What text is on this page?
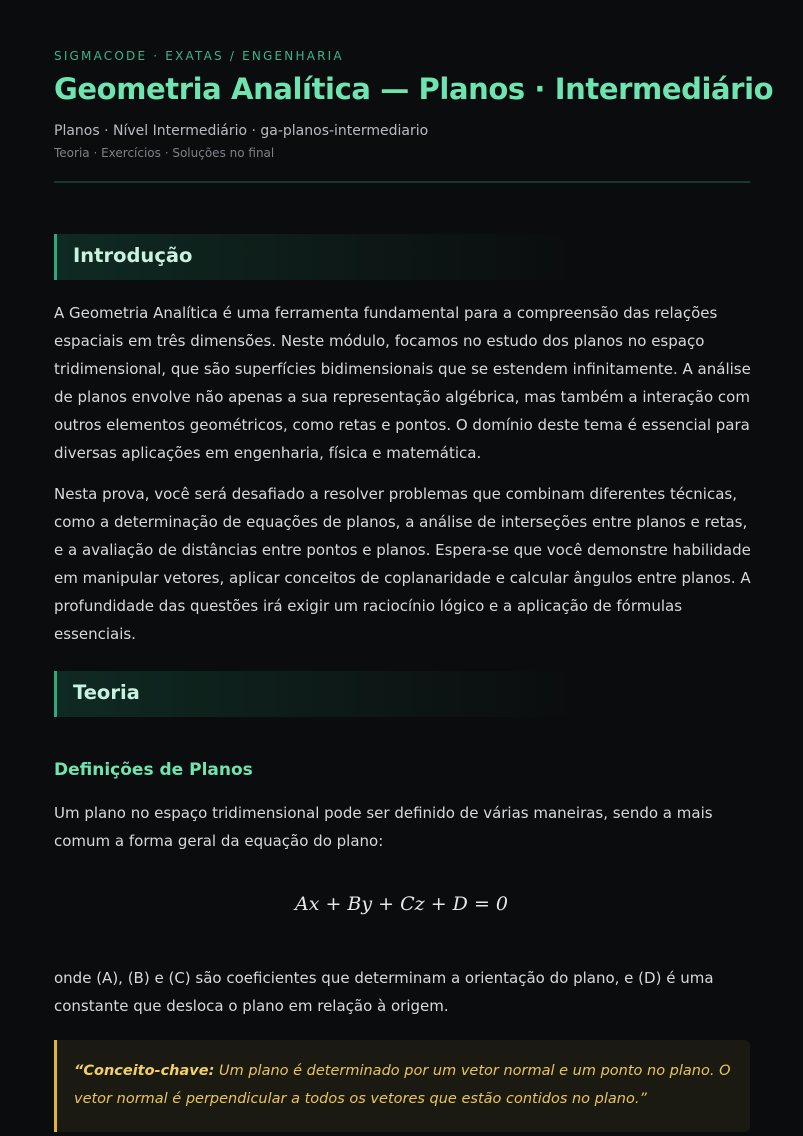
SIGMACODE · EXATAS / ENGENHARIA
Geometria Analítica — Planos · Intermediário
Planos · Nível Intermediário · ga-planos-intermediario
Teoria · Exercícios · Soluções no final
Introdução

A Geometria Analítica é uma ferramenta fundamental para a compreensão das relações espaciais em três dimensões. Neste módulo, focamos no estudo dos planos no espaço tridimensional, que são superfícies bidimensionais que se estendem infinitamente. A análise de planos envolve não apenas a sua representação algébrica, mas também a interação com outros elementos geométricos, como retas e pontos. O domínio deste tema é essencial para diversas aplicações em engenharia, física e matemática.

Nesta prova, você será desafiado a resolver problemas que combinam diferentes técnicas, como a determinação de equações de planos, a análise de interseções entre planos e retas, e a avaliação de distâncias entre pontos e planos. Espera-se que você demonstre habilidade em manipular vetores, aplicar conceitos de coplanaridade e calcular ângulos entre planos. A profundidade das questões irá exigir um raciocínio lógico e a aplicação de fórmulas essenciais.

Teoria
Definições de Planos

Um plano no espaço tridimensional pode ser definido de várias maneiras, sendo a mais comum a forma geral da equação do plano:

Ax + By + Cz + D = 0

onde (A), (B) e (C) são coeficientes que determinam a orientação do plano, e (D) é uma constante que desloca o plano em relação à origem.

“Conceito-chave: Um plano é determinado por um vetor normal e um ponto no plano. O vetor normal é perpendicular a todos os vetores que estão contidos no plano.”
